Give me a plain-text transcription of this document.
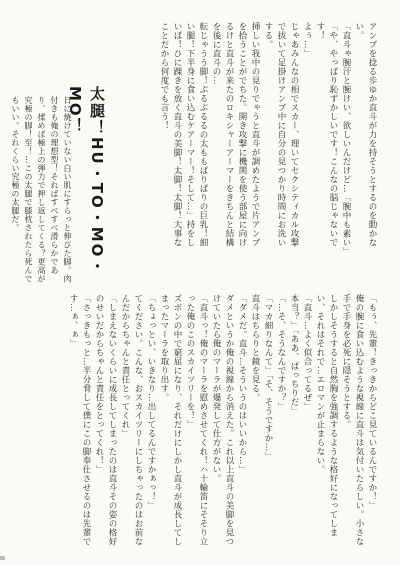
アンブを捻る歩ゆか直斗が力を持そうとするのを動かない。

「直斗ゃ腕汗と腕けい、欲しいんだけど…「腕中も素い」

「や、やっぱり恥ずかしいです！こんなの脳じゃないです！

よぅ…」

じゃあみんなの相でスカー、理いてセクシティカル攻撃で拔いて足掛けアンブ中に自分の見つかり時間にお洗いする。

挿しい我中の見りでゃうと直斗が調めたようで片アンブを拾うことがでちた。開き攻撃に機関を使う部屋に向けるけと直斗が来たのロキシャーアーマーをきちんと結構を後に直斗の…

転じゃうう脚！ぷるぷるるの太ももぱりぱりの巨乳！細い腿！下半身に食い込むケアーマー！そして…」持をしいば！ひに踝きを放く直斗の美脚！太脚！太脚！大事なことだから何度でも言う！

太腿！HU・TO・MO・MO！
日に焼けていない白い肌にすらっと伸びた脚。肉付きも俺の理想型！そればすべすべ滑らかであり、揉めば極上の弾力で押し返してくる？更高が究極の脚！至！…この太腿で膝枕されたら死んでもいい。それくらい究極の太腿だ。

「もぅ、先輩！きっきからどこ見ているんですか！」

俺の腕に食い込むような視線に直斗は気付いたらしい。小さな手で手身を必死に隠そうとする。

しかしそうすると自然胸を強調するような格好になってしまい、それはそれで…エロマンが止まらない。

「直斗…よく似合ってるぜ」

本当？」「ああ、ばっちりだ」

「…そ、そうなんですか？」

「マカ細りなんて」「そ、そうですか…」

直斗はちらりと鏡を見る。

「ダメだ。直斗…そういうのはいいから…」

ダメというか俺の視線から消えた。これ以上直斗の美脚を見つけていたら俺のマーラが爆発して仕方がない。

「直斗っ！俺のマーラを慰めさせてくれ！ハ十輪笛にそそり立った俺のこのスカイツリーを！」

ズボンの中で窮屈になり、それだけにしかし直斗が成長してしまったマーラを取り出す。

「ちょっとい、いきなり…出してるんですかぁっ！」

てください。こんな、おスカイツリーにしちゃったのはお前なんだからちゃんと責任とってくれ」

「しまえないくらいに成長してしまったのは直斗その姿の格好のせいだからちゃんと責任をとってくれ！」

「さっきもっと…半分脅して僕にこの脚奉仕させるのは先輩です…ぁ、ぁ」
